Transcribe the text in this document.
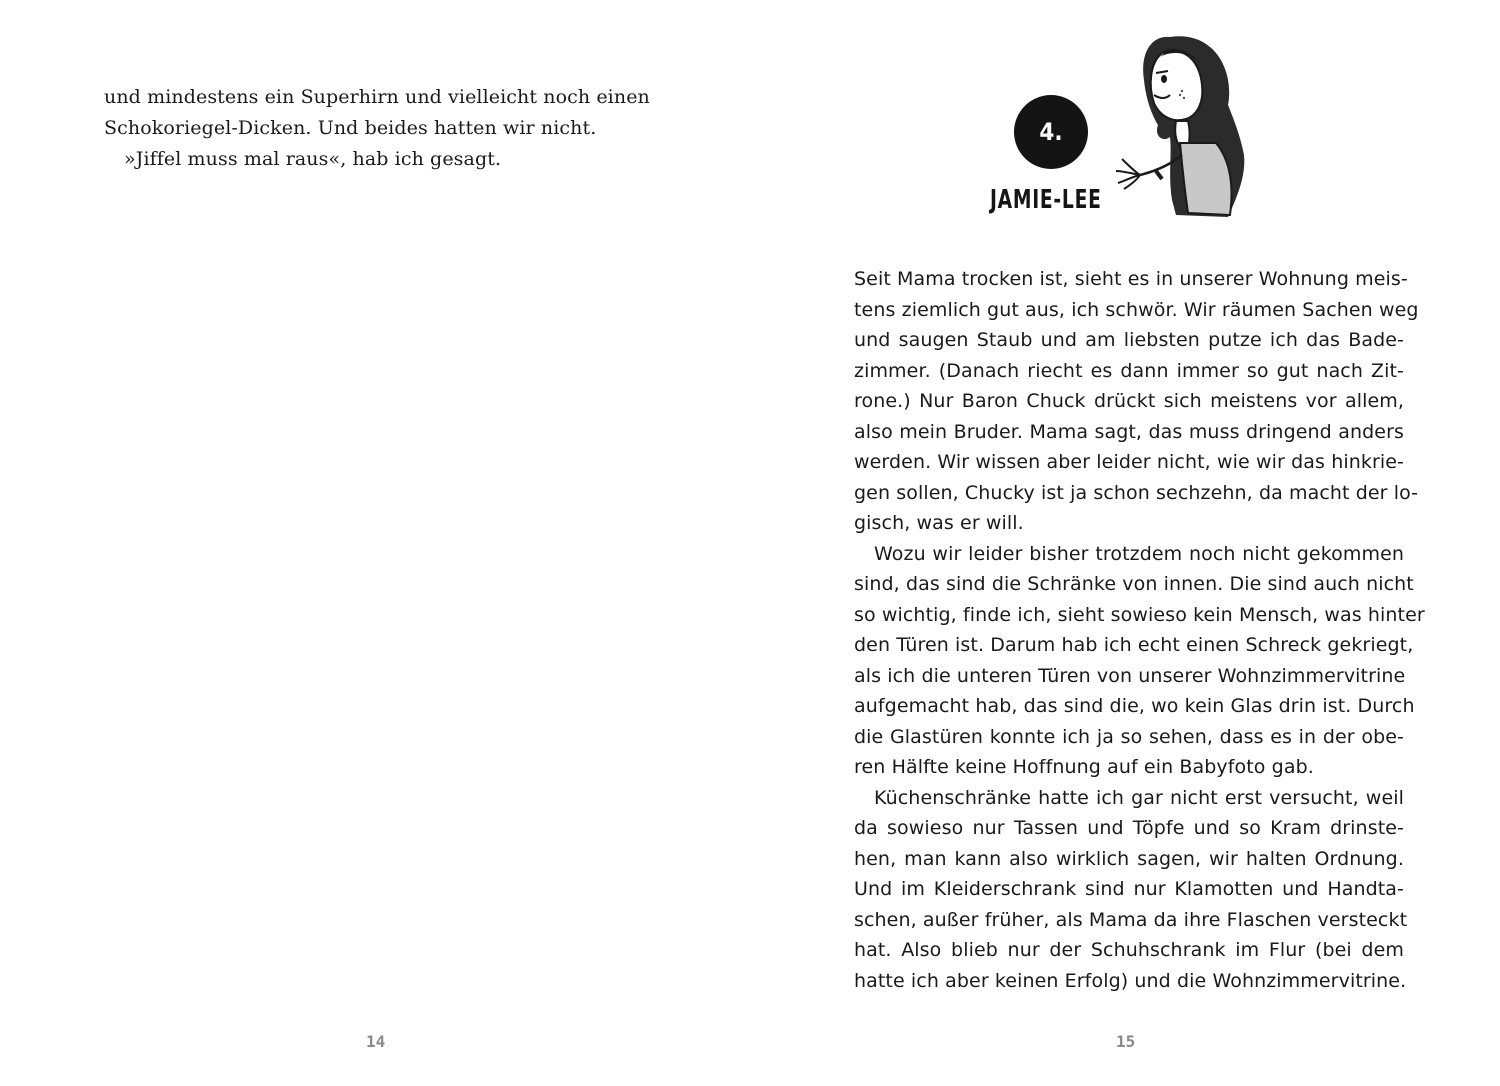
und mindestens ein Superhirn und vielleicht noch einen
Schokoriegel-Dicken. Und beides hatten wir nicht.
»Jiffel muss mal raus«, hab ich gesagt.
14
4.
JAMIE-LEE
Seit Mama trocken ist, sieht es in unserer Wohnung meis-
tens ziemlich gut aus, ich schwör. Wir räumen Sachen weg
und saugen Staub und am liebsten putze ich das Bade-
zimmer. (Danach riecht es dann immer so gut nach Zit-
rone.) Nur Baron Chuck drückt sich meistens vor allem,
also mein Bruder. Mama sagt, das muss dringend anders
werden. Wir wissen aber leider nicht, wie wir das hinkrie-
gen sollen, Chucky ist ja schon sechzehn, da macht der lo-
gisch, was er will.
Wozu wir leider bisher trotzdem noch nicht gekommen
sind, das sind die Schränke von innen. Die sind auch nicht
so wichtig, finde ich, sieht sowieso kein Mensch, was hinter
den Türen ist. Darum hab ich echt einen Schreck gekriegt,
als ich die unteren Türen von unserer Wohnzimmervitrine
aufgemacht hab, das sind die, wo kein Glas drin ist. Durch
die Glastüren konnte ich ja so sehen, dass es in der obe-
ren Hälfte keine Hoffnung auf ein Babyfoto gab.
Küchenschränke hatte ich gar nicht erst versucht, weil
da sowieso nur Tassen und Töpfe und so Kram drinste-
hen, man kann also wirklich sagen, wir halten Ordnung.
Und im Kleiderschrank sind nur Klamotten und Handta-
schen, außer früher, als Mama da ihre Flaschen versteckt
hat. Also blieb nur der Schuhschrank im Flur (bei dem
hatte ich aber keinen Erfolg) und die Wohnzimmervitrine.
15
